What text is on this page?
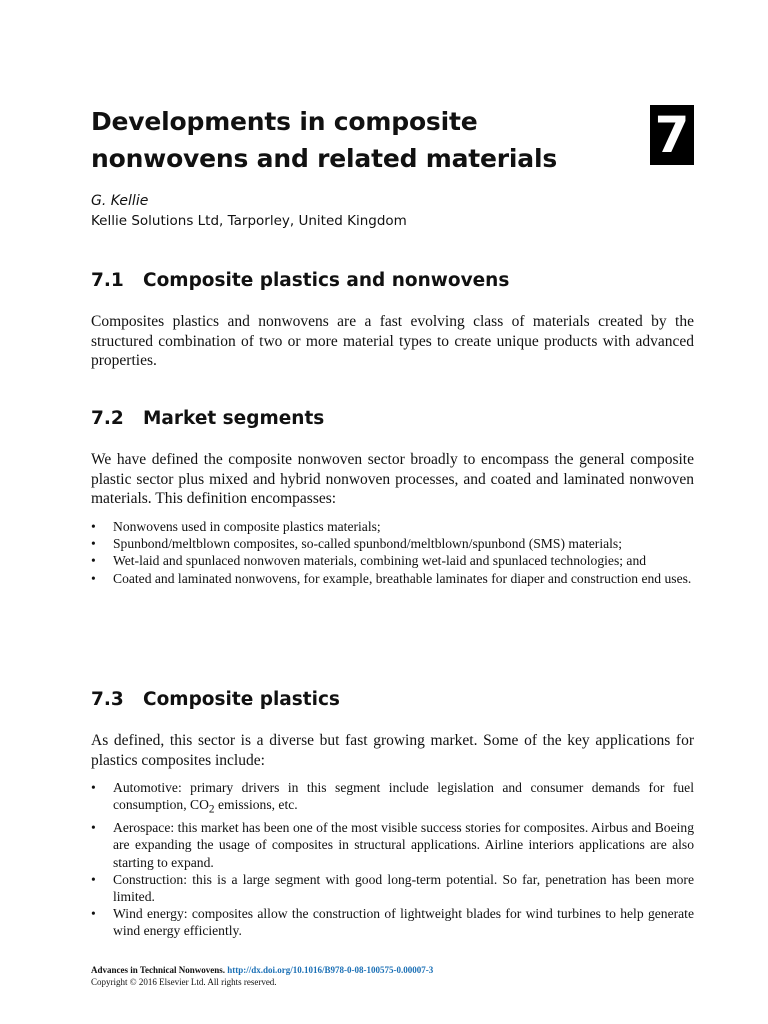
Developments in composite nonwovens and related materials	7
G. Kellie
Kellie Solutions Ltd, Tarporley, United Kingdom
7.1 Composite plastics and nonwovens

Composites plastics and nonwovens are a fast evolving class of materials created by the structured combination of two or more material types to create unique products with advanced properties.

7.2 Market segments

We have defined the composite nonwoven sector broadly to encompass the general composite plastic sector plus mixed and hybrid nonwoven processes, and coated and laminated nonwoven materials. This definition encompasses:

• Nonwovens used in composite plastics materials;
• Spunbond/meltblown composites, so-called spunbond/meltblown/spunbond (SMS) materials;
• Wet-laid and spunlaced nonwoven materials, combining wet-laid and spunlaced technologies; and
• Coated and laminated nonwovens, for example, breathable laminates for diaper and construction end uses.
7.3 Composite plastics

As defined, this sector is a diverse but fast growing market. Some of the key applications for plastics composites include:

• Automotive: primary drivers in this segment include legislation and consumer demands for fuel consumption, $CO_2$ emissions, etc.
• Aerospace: this market has been one of the most visible success stories for composites. Airbus and Boeing are expanding the usage of composites in structural applications. Airline interiors applications are also starting to expand.
• Construction: this is a large segment with good long-term potential. So far, penetration has been more limited.
• Wind energy: composites allow the construction of lightweight blades for wind turbines to help generate wind energy efficiently.
Advances in Technical Nonwovens. http://dx.doi.org/10.1016/B978-0-08-100575-0.00007-3
Copyright © 2016 Elsevier Ltd. All rights reserved.
